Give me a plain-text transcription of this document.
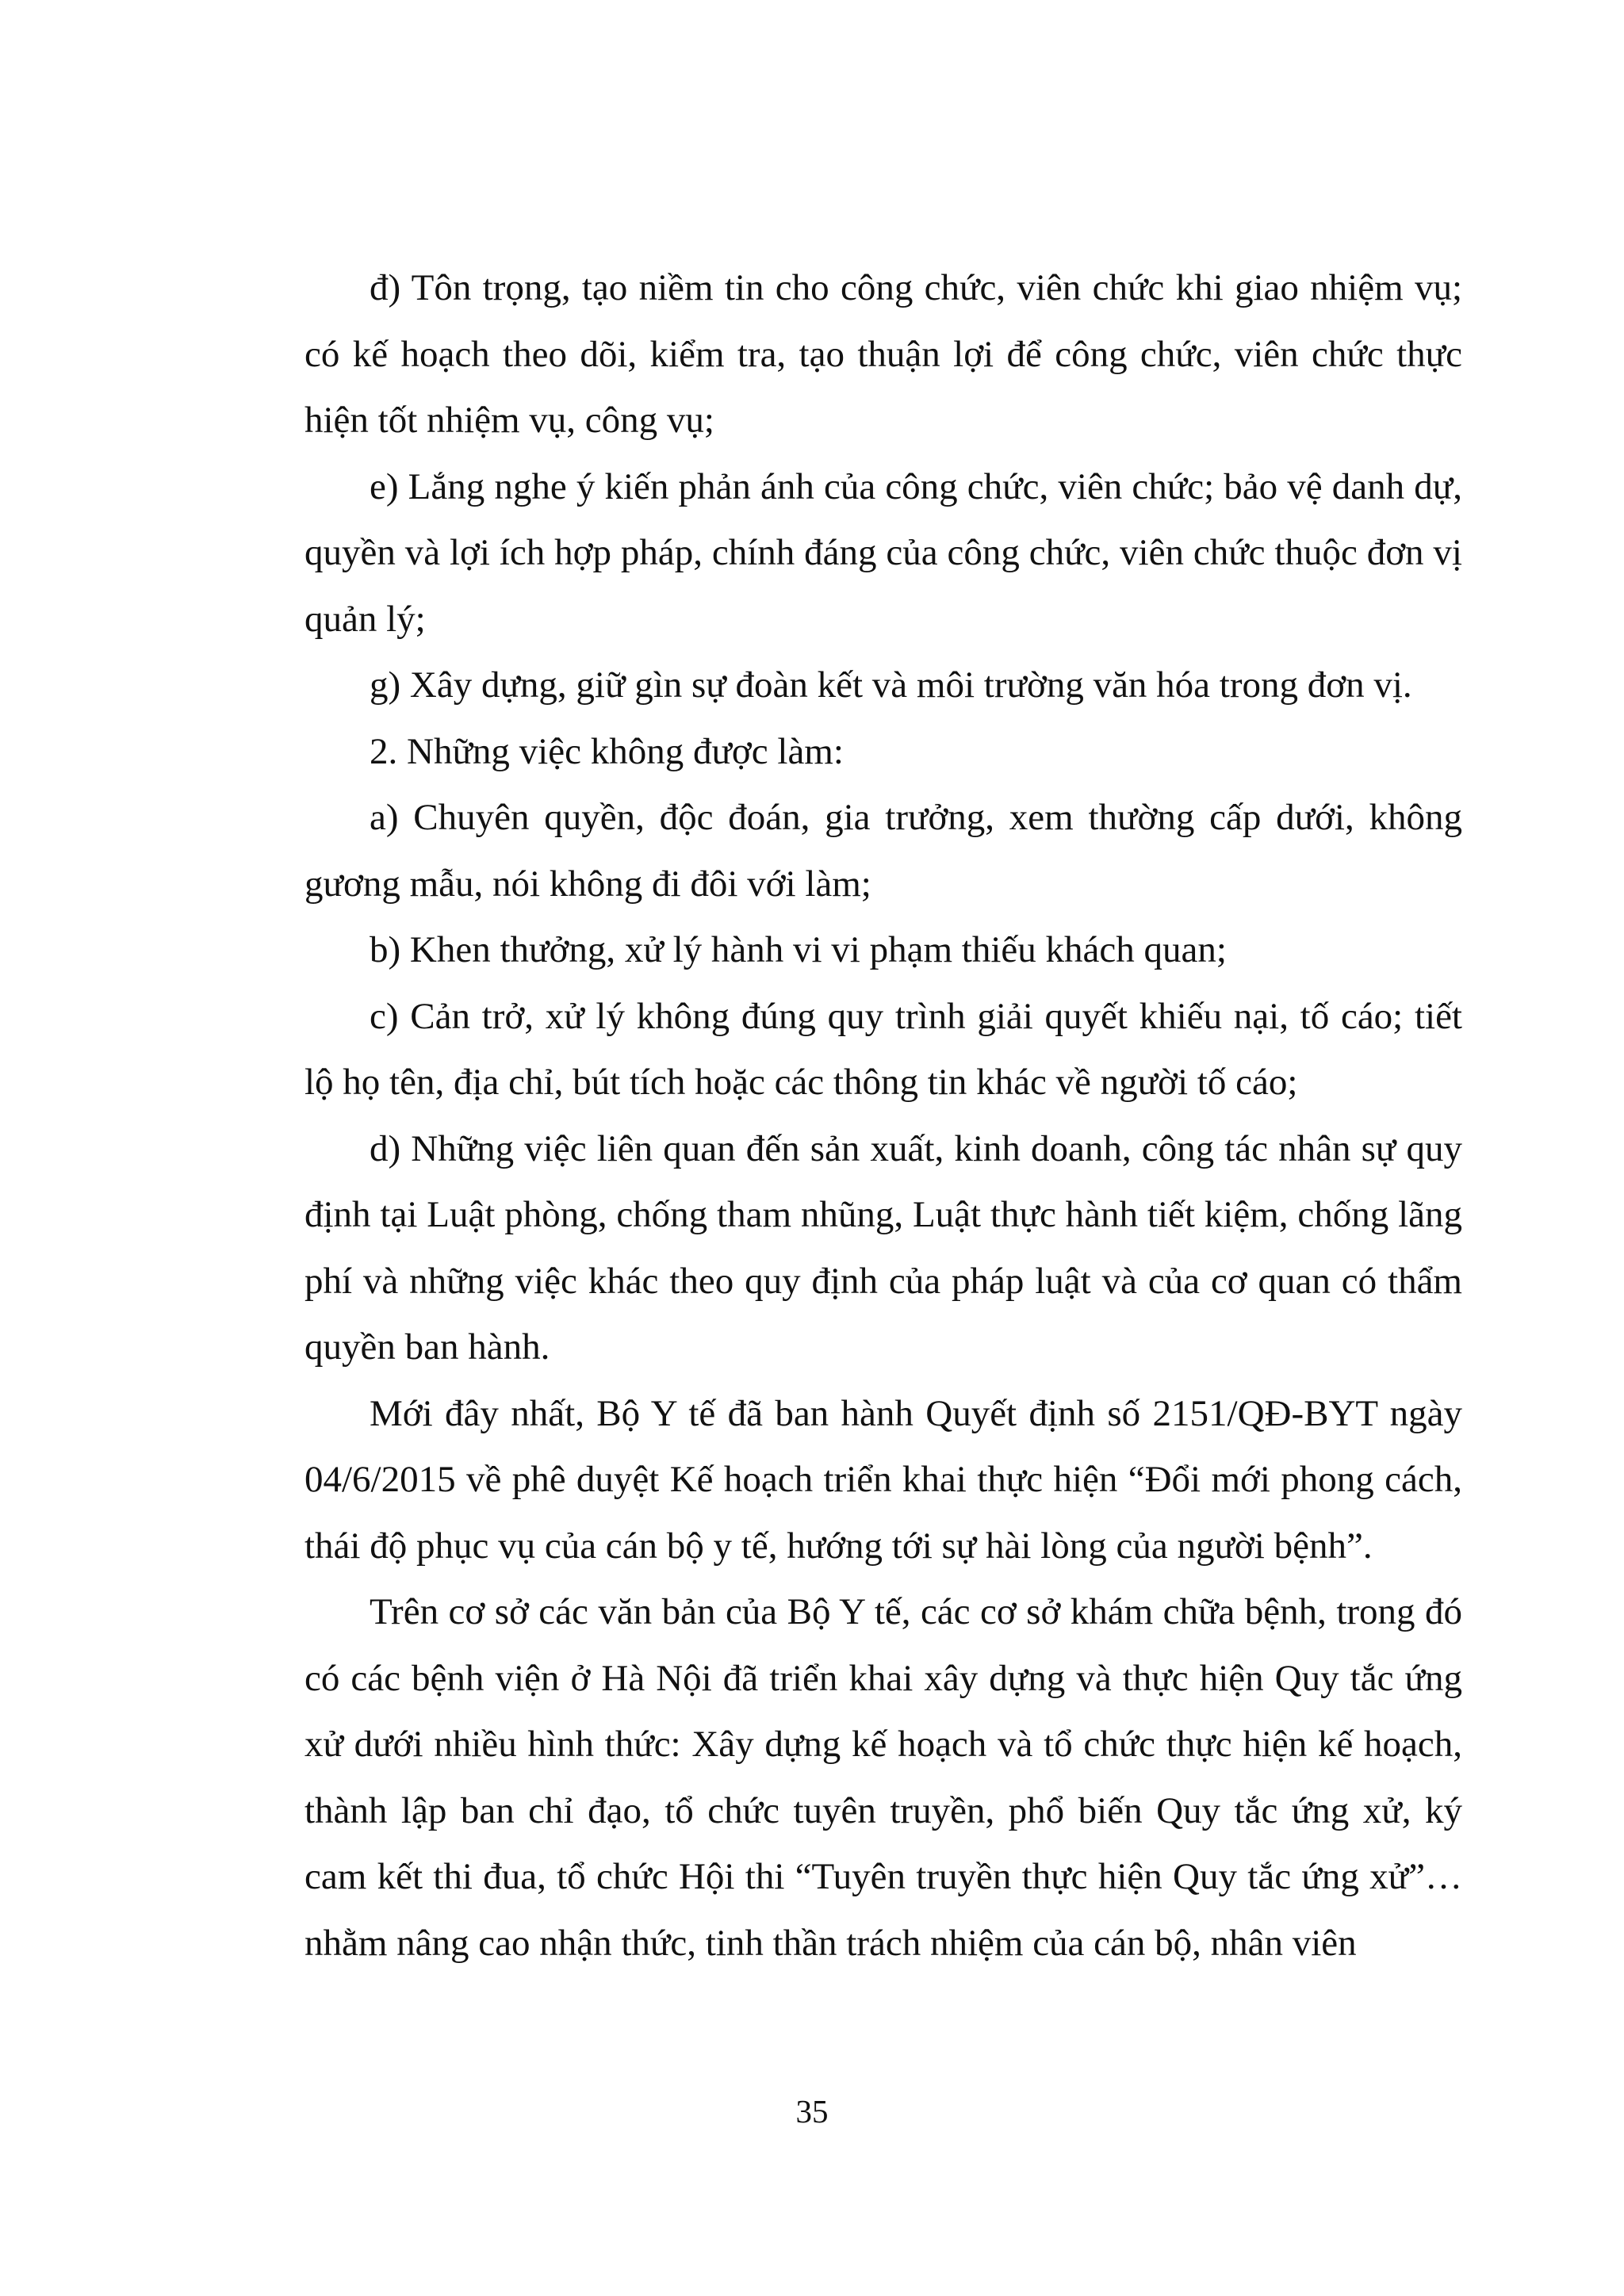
đ) Tôn trọng, tạo niềm tin cho công chức, viên chức khi giao nhiệm vụ; có kế hoạch theo dõi, kiểm tra, tạo thuận lợi để công chức, viên chức thực hiện tốt nhiệm vụ, công vụ;

e) Lắng nghe ý kiến phản ánh của công chức, viên chức; bảo vệ danh dự, quyền và lợi ích hợp pháp, chính đáng của công chức, viên chức thuộc đơn vị quản lý;

g) Xây dựng, giữ gìn sự đoàn kết và môi trường văn hóa trong đơn vị.

2. Những việc không được làm:

a) Chuyên quyền, độc đoán, gia trưởng, xem thường cấp dưới, không gương mẫu, nói không đi đôi với làm;

b) Khen thưởng, xử lý hành vi vi phạm thiếu khách quan;

c) Cản trở, xử lý không đúng quy trình giải quyết khiếu nại, tố cáo; tiết lộ họ tên, địa chỉ, bút tích hoặc các thông tin khác về người tố cáo;

d) Những việc liên quan đến sản xuất, kinh doanh, công tác nhân sự quy định tại Luật phòng, chống tham nhũng, Luật thực hành tiết kiệm, chống lãng phí và những việc khác theo quy định của pháp luật và của cơ quan có thẩm quyền ban hành.

Mới đây nhất, Bộ Y tế đã ban hành Quyết định số 2151/QĐ-BYT ngày 04/6/2015 về phê duyệt Kế hoạch triển khai thực hiện “Đổi mới phong cách, thái độ phục vụ của cán bộ y tế, hướng tới sự hài lòng của người bệnh”.

Trên cơ sở các văn bản của Bộ Y tế, các cơ sở khám chữa bệnh, trong đó có các bệnh viện ở Hà Nội đã triển khai xây dựng và thực hiện Quy tắc ứng xử dưới nhiều hình thức: Xây dựng kế hoạch và tổ chức thực hiện kế hoạch, thành lập ban chỉ đạo, tổ chức tuyên truyền, phổ biến Quy tắc ứng xử, ký cam kết thi đua, tổ chức Hội thi “Tuyên truyền thực hiện Quy tắc ứng xử”…nhằm nâng cao nhận thức, tinh thần trách nhiệm của cán bộ, nhân viên

35
